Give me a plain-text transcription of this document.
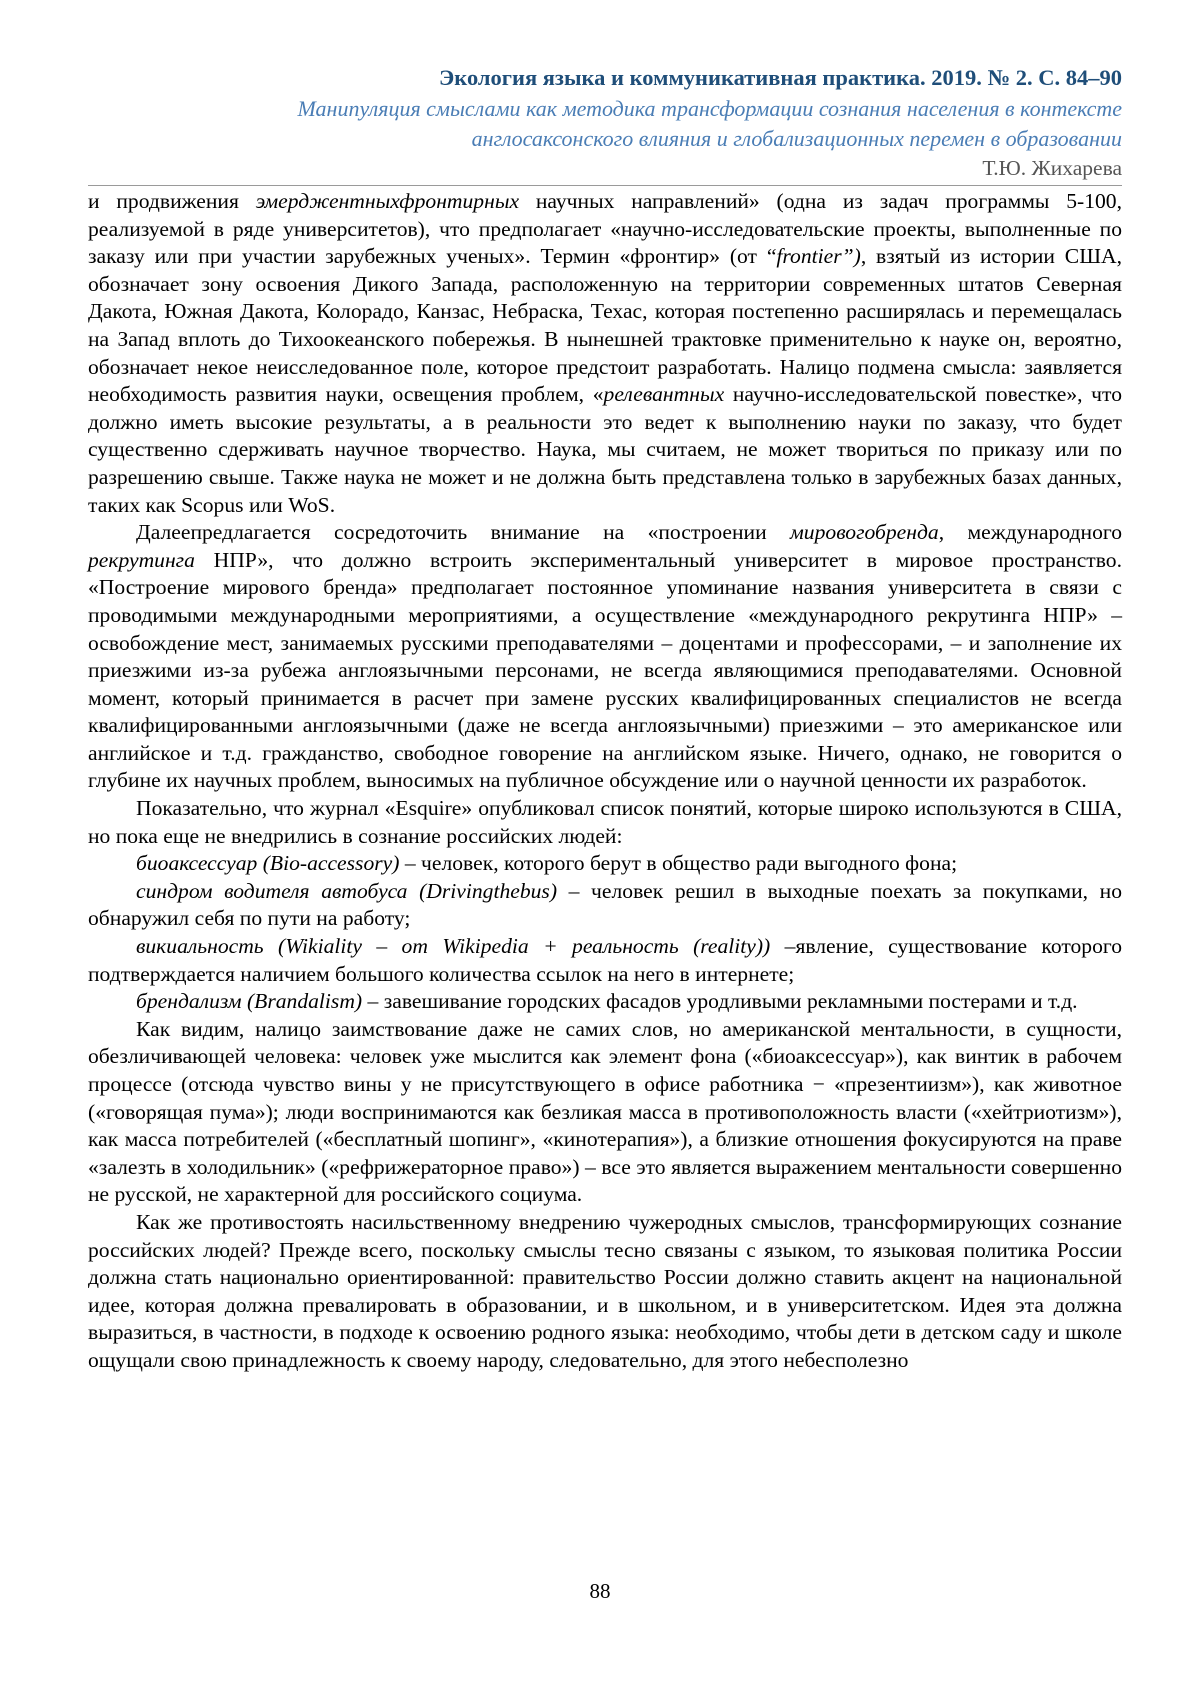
Экология языка и коммуникативная практика. 2019. № 2. С. 84–90
Манипуляция смыслами как методика трансформации сознания населения в контексте
англосаксонского влияния и глобализационных перемен в образовании
Т.Ю. Жихарева

и продвижения эмерджентныхфронтирных научных направлений» (одна из задач программы 5-100, реализуемой в ряде университетов), что предполагает «научно-исследовательские проекты, выполненные по заказу или при участии зарубежных ученых». Термин «фронтир» (от “frontier”), взятый из истории США, обозначает зону освоения Дикого Запада, расположенную на территории современных штатов Северная Дакота, Южная Дакота, Колорадо, Канзас, Небраска, Техас, которая постепенно расширялась и перемещалась на Запад вплоть до Тихоокеанского побережья. В нынешней трактовке применительно к науке он, вероятно, обозначает некое неисследованное поле, которое предстоит разработать. Налицо подмена смысла: заявляется необходимость развития науки, освещения проблем, «релевантных научно-исследовательской повестке», что должно иметь высокие результаты, а в реальности это ведет к выполнению науки по заказу, что будет существенно сдерживать научное творчество. Наука, мы считаем, не может твориться по приказу или по разрешению свыше. Также наука не может и не должна быть представлена только в зарубежных базах данных, таких как Scopus или WoS.

Далеепредлагается сосредоточить внимание на «построении мировогобренда, международного рекрутинга НПР», что должно встроить экспериментальный университет в мировое пространство. «Построение мирового бренда» предполагает постоянное упоминание названия университета в связи с проводимыми международными мероприятиями, а осуществление «международного рекрутинга НПР» – освобождение мест, занимаемых русскими преподавателями – доцентами и профессорами, – и заполнение их приезжими из-за рубежа англоязычными персонами, не всегда являющимися преподавателями. Основной момент, который принимается в расчет при замене русских квалифицированных специалистов не всегда квалифицированными англоязычными (даже не всегда англоязычными) приезжими – это американское или английское и т.д. гражданство, свободное говорение на английском языке. Ничего, однако, не говорится о глубине их научных проблем, выносимых на публичное обсуждение или о научной ценности их разработок.

Показательно, что журнал «Esquire» опубликовал список понятий, которые широко используются в США, но пока еще не внедрились в сознание российских людей:

биоаксессуар (Bio-accessory) – человек, которого берут в общество ради выгодного фона;

синдром водителя автобуса (Drivingthebus) – человек решил в выходные поехать за покупками, но обнаружил себя по пути на работу;

викиальность (Wikiality – от Wikipedia + реальность (reality)) –явление, существование которого подтверждается наличием большого количества ссылок на него в интернете;

брендализм (Brandalism) – завешивание городских фасадов уродливыми рекламными постерами и т.д.

Как видим, налицо заимствование даже не самих слов, но американской ментальности, в сущности, обезличивающей человека: человек уже мыслится как элемент фона («биоаксессуар»), как винтик в рабочем процессе (отсюда чувство вины у не присутствующего в офисе работника − «презентиизм»), как животное («говорящая пума»); люди воспринимаются как безликая масса в противоположность власти («хейтриотизм»), как масса потребителей («бесплатный шопинг», «кинотерапия»), а близкие отношения фокусируются на праве «залезть в холодильник» («рефрижераторное право») – все это является выражением ментальности совершенно не русской, не характерной для российского социума.

Как же противостоять насильственному внедрению чужеродных смыслов, трансформирующих сознание российских людей? Прежде всего, поскольку смыслы тесно связаны с языком, то языковая политика России должна стать национально ориентированной: правительство России должно ставить акцент на национальной идее, которая должна превалировать в образовании, и в школьном, и в университетском. Идея эта должна выразиться, в частности, в подходе к освоению родного языка: необходимо, чтобы дети в детском саду и школе ощущали свою принадлежность к своему народу, следовательно, для этого небесполезно

88
